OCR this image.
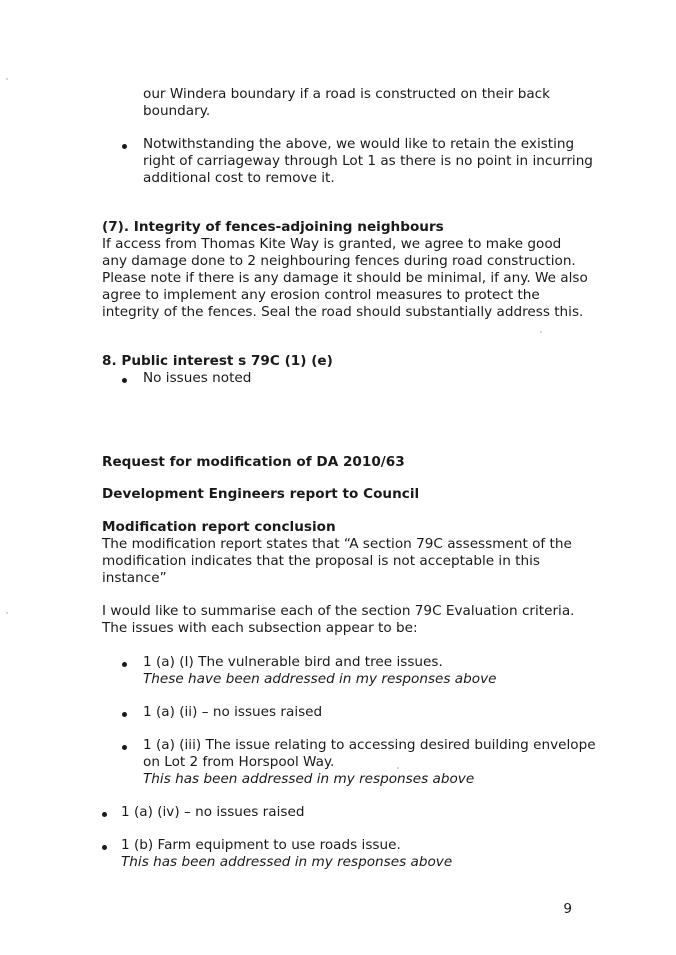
our Windera boundary if a road is constructed on their back
boundary.
Notwithstanding the above, we would like to retain the existing
right of carriageway through Lot 1 as there is no point in incurring
additional cost to remove it.
(7). Integrity of fences-adjoining neighbours
If access from Thomas Kite Way is granted, we agree to make good
any damage done to 2 neighbouring fences during road construction.
Please note if there is any damage it should be minimal, if any. We also
agree to implement any erosion control measures to protect the
integrity of the fences. Seal the road should substantially address this.
8. Public interest s 79C (1) (e)
No issues noted
Request for modification of DA 2010/63
Development Engineers report to Council
Modification report conclusion
The modification report states that “A section 79C assessment of the
modification indicates that the proposal is not acceptable in this
instance”
I would like to summarise each of the section 79C Evaluation criteria.
The issues with each subsection appear to be:
1 (a) (I) The vulnerable bird and tree issues.
These have been addressed in my responses above
1 (a) (ii) – no issues raised
1 (a) (iii) The issue relating to accessing desired building envelope
on Lot 2 from Horspool Way.
This has been addressed in my responses above
1 (a) (iv) – no issues raised
1 (b) Farm equipment to use roads issue.
This has been addressed in my responses above
9
